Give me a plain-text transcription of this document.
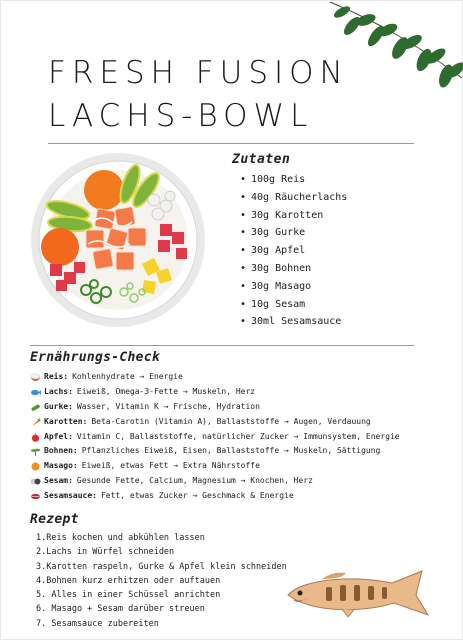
FRESH FUSION
LACHS-BOWL
Zutaten
• 100g Reis
• 40g Räucherlachs
• 30g Karotten
• 30g Gurke
• 30g Apfel
• 30g Bohnen
• 30g Masago
• 10g Sesam
• 30ml Sesamsauce
Ernährungs-Check
Reis: Kohlenhydrate → Energie
Lachs: Eiweiß, Omega-3-Fette → Muskeln, Herz
Gurke: Wasser, Vitamin K → Frische, Hydration
Karotten: Beta-Carotin (Vitamin A), Ballaststoffe → Augen, Verdauung
Apfel: Vitamin C, Ballaststoffe, natürlicher Zucker → Immunsystem, Energie
Bohnen: Pflanzliches Eiweiß, Eisen, Ballaststoffe → Muskeln, Sättigung
Masago: Eiweiß, etwas Fett → Extra Nährstoffe
Sesam: Gesunde Fette, Calcium, Magnesium → Knochen, Herz
Sesamsauce: Fett, etwas Zucker → Geschmack & Energie
Rezept
1.Reis kochen und abkühlen lassen
2.Lachs in Würfel schneiden
3.Karotten raspeln, Gurke & Apfel klein schneiden
4.Bohnen kurz erhitzen oder auftauen
5. Alles in einer Schüssel anrichten
6. Masago + Sesam darüber streuen
7. Sesamsauce zubereiten
